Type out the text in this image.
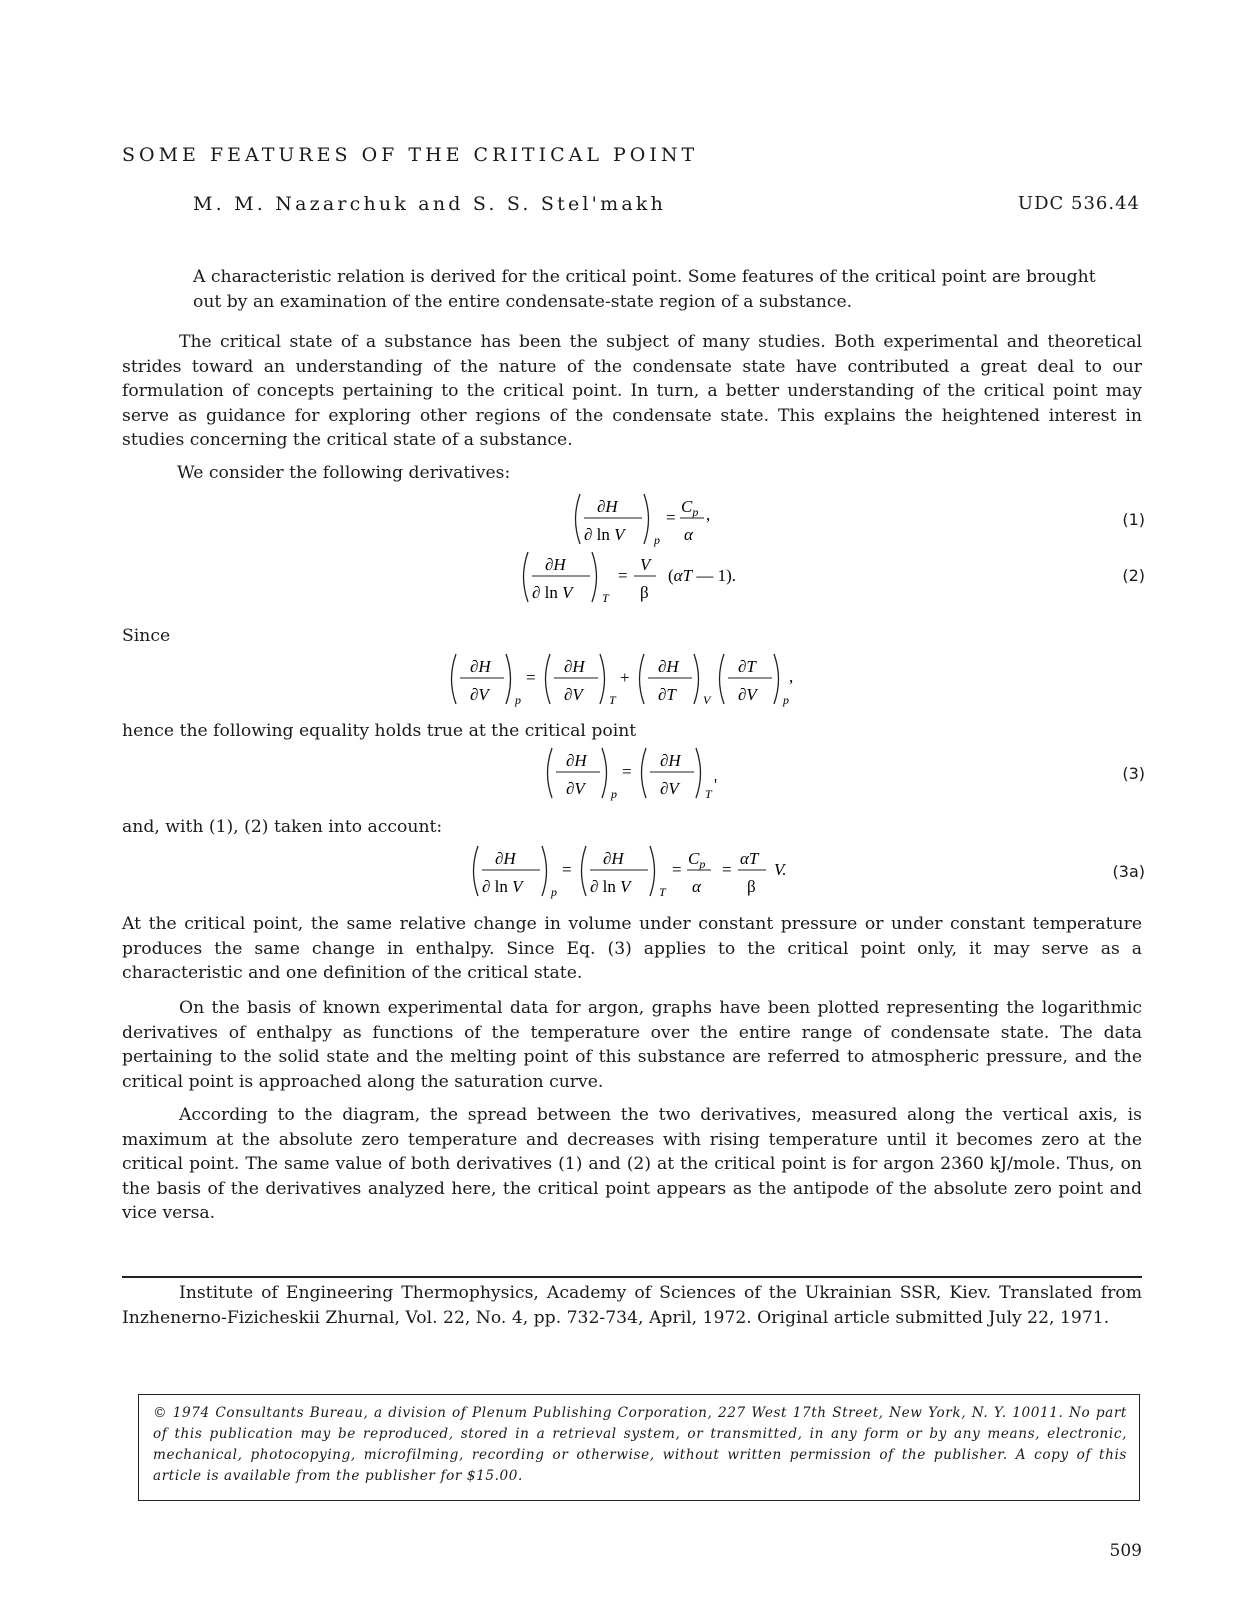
SOME FEATURES OF THE CRITICAL POINT
M. M. Nazarchuk and S. S. Stel'makh	UDC 536.44
A characteristic relation is derived for the critical point. Some features of the critical point are brought out by an examination of the entire condensate-state region of a substance.
The critical state of a substance has been the subject of many studies. Both experimental and theoretical strides toward an understanding of the nature of the condensate state have contributed a great deal to our formulation of concepts pertaining to the critical point. In turn, a better understanding of the critical point may serve as guidance for exploring other regions of the condensate state. This explains the heightened interest in studies concerning the critical state of a substance.
We consider the following derivatives:
∂H
∂ ln V p
=
$C_p$
α
,	(1)
∂H
∂ ln V T
=
V
β
(αT — 1).	(2)
Since
∂H
∂V p
=
∂H
∂V T
+
∂H
∂T V
∂T
∂V p
,
hence the following equality holds true at the critical point
∂H
∂V p
=
∂H
∂V T '
(3)
and, with (1), (2) taken into account:
∂H
∂ ln V p
=
∂H
∂ ln V T
=
$C_p$
α
=
αT
β
V.	(3a)
At the critical point, the same relative change in volume under constant pressure or under constant temperature produces the same change in enthalpy. Since Eq. (3) applies to the critical point only, it may serve as a characteristic and one definition of the critical state.
On the basis of known experimental data for argon, graphs have been plotted representing the logarithmic derivatives of enthalpy as functions of the temperature over the entire range of condensate state. The data pertaining to the solid state and the melting point of this substance are referred to atmospheric pressure, and the critical point is approached along the saturation curve.
According to the diagram, the spread between the two derivatives, measured along the vertical axis, is maximum at the absolute zero temperature and decreases with rising temperature until it becomes zero at the critical point. The same value of both derivatives (1) and (2) at the critical point is for argon 2360 kJ/mole. Thus, on the basis of the derivatives analyzed here, the critical point appears as the antipode of the absolute zero point and vice versa.
Institute of Engineering Thermophysics, Academy of Sciences of the Ukrainian SSR, Kiev. Translated from Inzhenerno-Fizicheskii Zhurnal, Vol. 22, No. 4, pp. 732-734, April, 1972. Original article submitted July 22, 1971.

© 1974 Consultants Bureau, a division of Plenum Publishing Corporation, 227 West 17th Street, New York, N. Y. 10011. No part of this publication may be reproduced, stored in a retrieval system, or transmitted, in any form or by any means, electronic, mechanical, photocopying, microfilming, recording or otherwise, without written permission of the publisher. A copy of this article is available from the publisher for $15.00.

509
